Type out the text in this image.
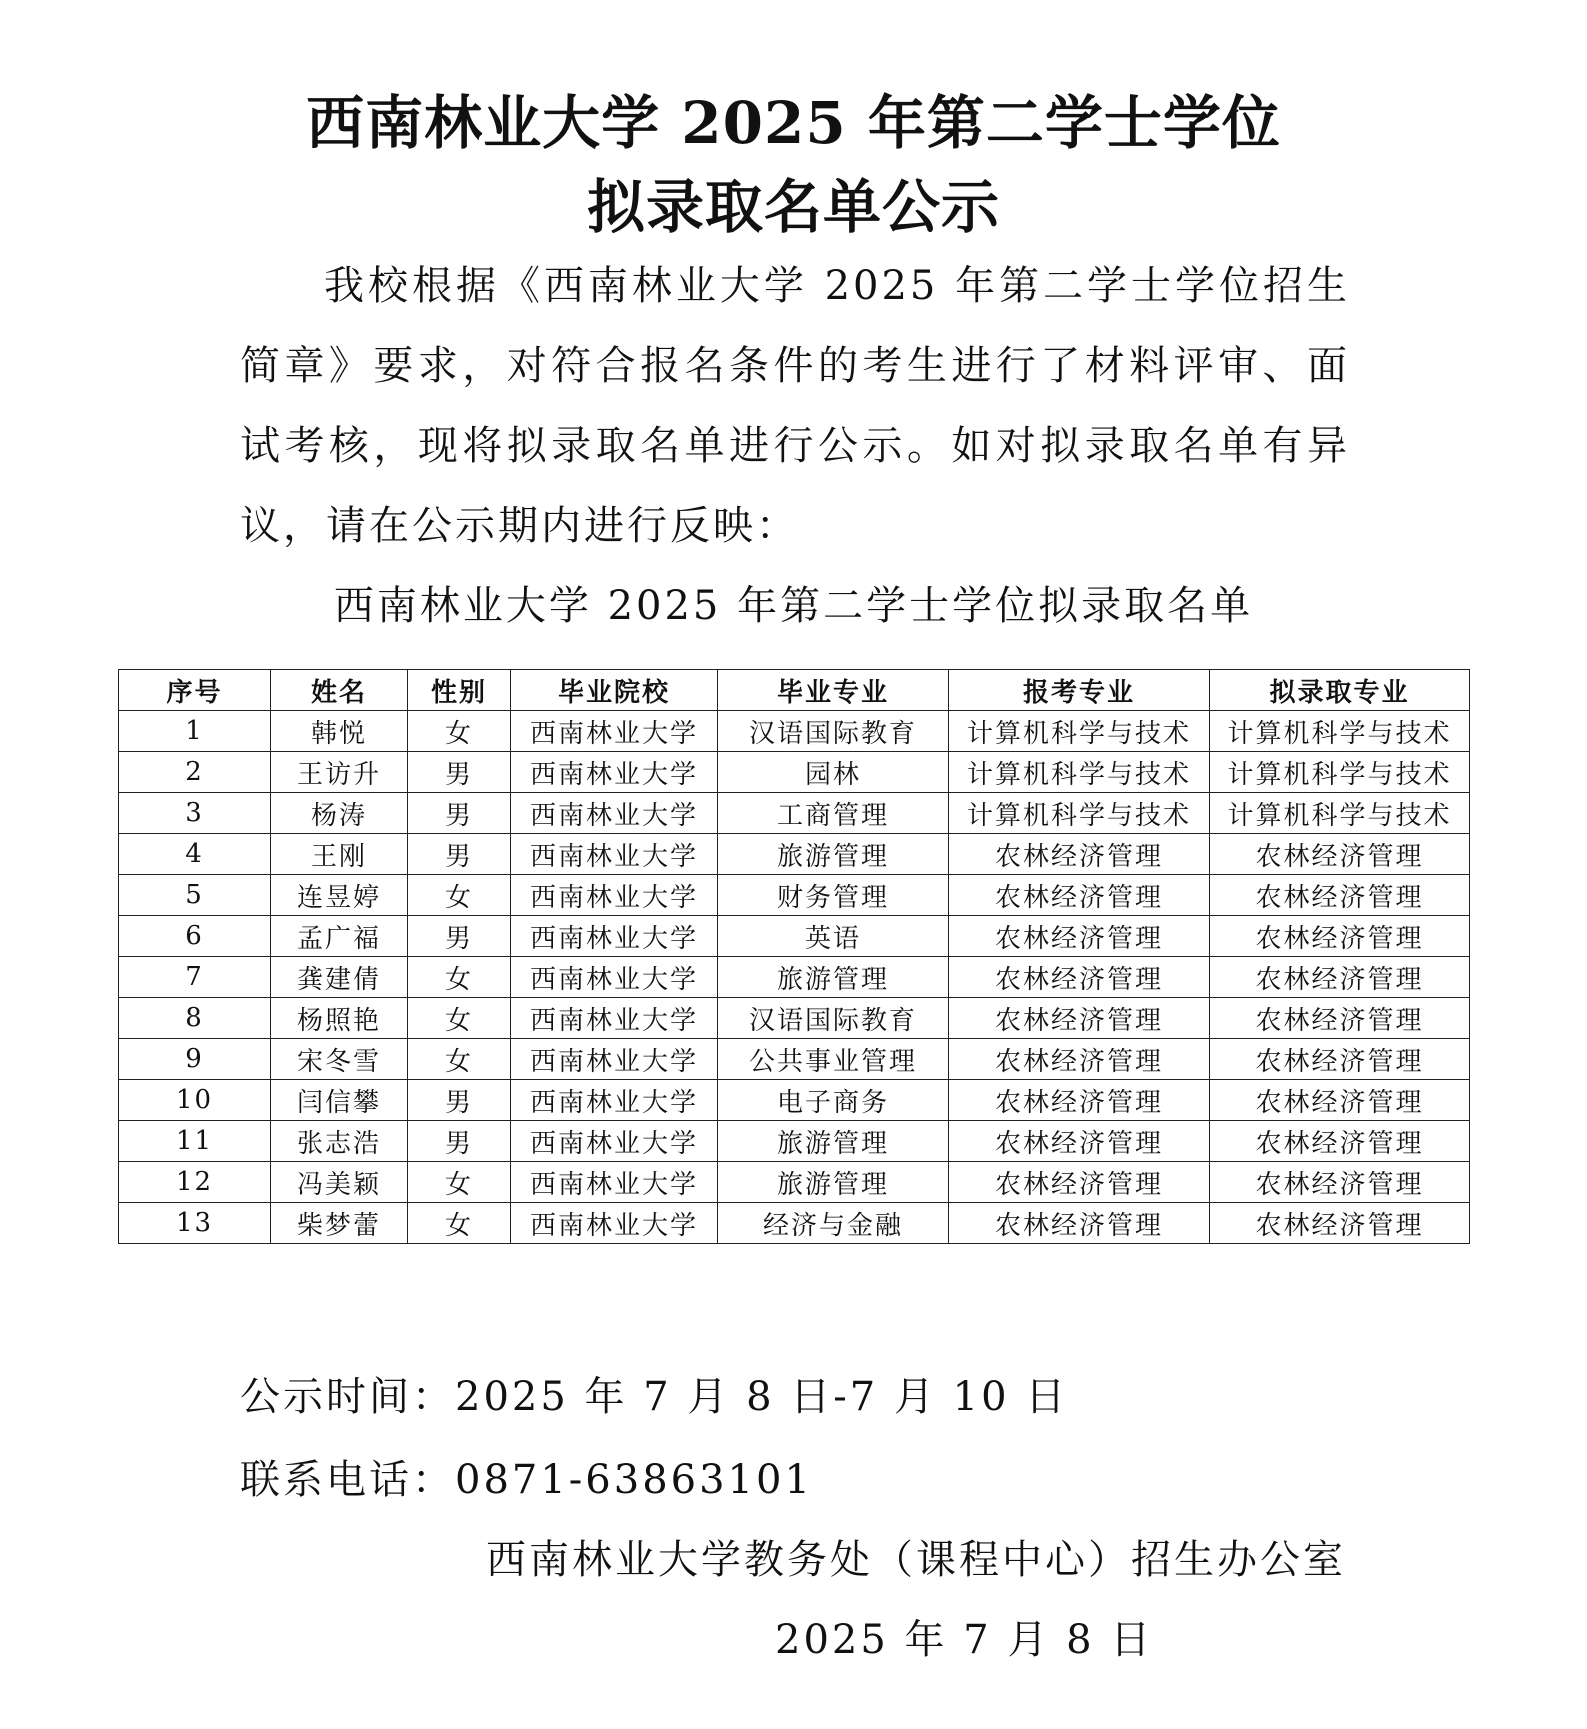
西南林业大学 2025 年第二学士学位
拟录取名单公示
我校根据《西南林业大学 2025 年第二学士学位招生简章》要求，对符合报名条件的考生进行了材料评审、面试考核，现将拟录取名单进行公示。如对拟录取名单有异议，请在公示期内进行反映：
西南林业大学 2025 年第二学士学位拟录取名单
序号	姓名	性别	毕业院校	毕业专业	报考专业	拟录取专业
1	韩悦	女	西南林业大学	汉语国际教育	计算机科学与技术	计算机科学与技术
2	王访升	男	西南林业大学	园林	计算机科学与技术	计算机科学与技术
3	杨涛	男	西南林业大学	工商管理	计算机科学与技术	计算机科学与技术
4	王刚	男	西南林业大学	旅游管理	农林经济管理	农林经济管理
5	连昱婷	女	西南林业大学	财务管理	农林经济管理	农林经济管理
6	孟广福	男	西南林业大学	英语	农林经济管理	农林经济管理
7	龚建倩	女	西南林业大学	旅游管理	农林经济管理	农林经济管理
8	杨照艳	女	西南林业大学	汉语国际教育	农林经济管理	农林经济管理
9	宋冬雪	女	西南林业大学	公共事业管理	农林经济管理	农林经济管理
10	闫信攀	男	西南林业大学	电子商务	农林经济管理	农林经济管理
11	张志浩	男	西南林业大学	旅游管理	农林经济管理	农林经济管理
12	冯美颖	女	西南林业大学	旅游管理	农林经济管理	农林经济管理
13	柴梦蕾	女	西南林业大学	经济与金融	农林经济管理	农林经济管理
公示时间：2025 年 7 月 8 日-7 月 10 日
联系电话：0871-63863101
西南林业大学教务处（课程中心）招生办公室
2025 年 7 月 8 日
